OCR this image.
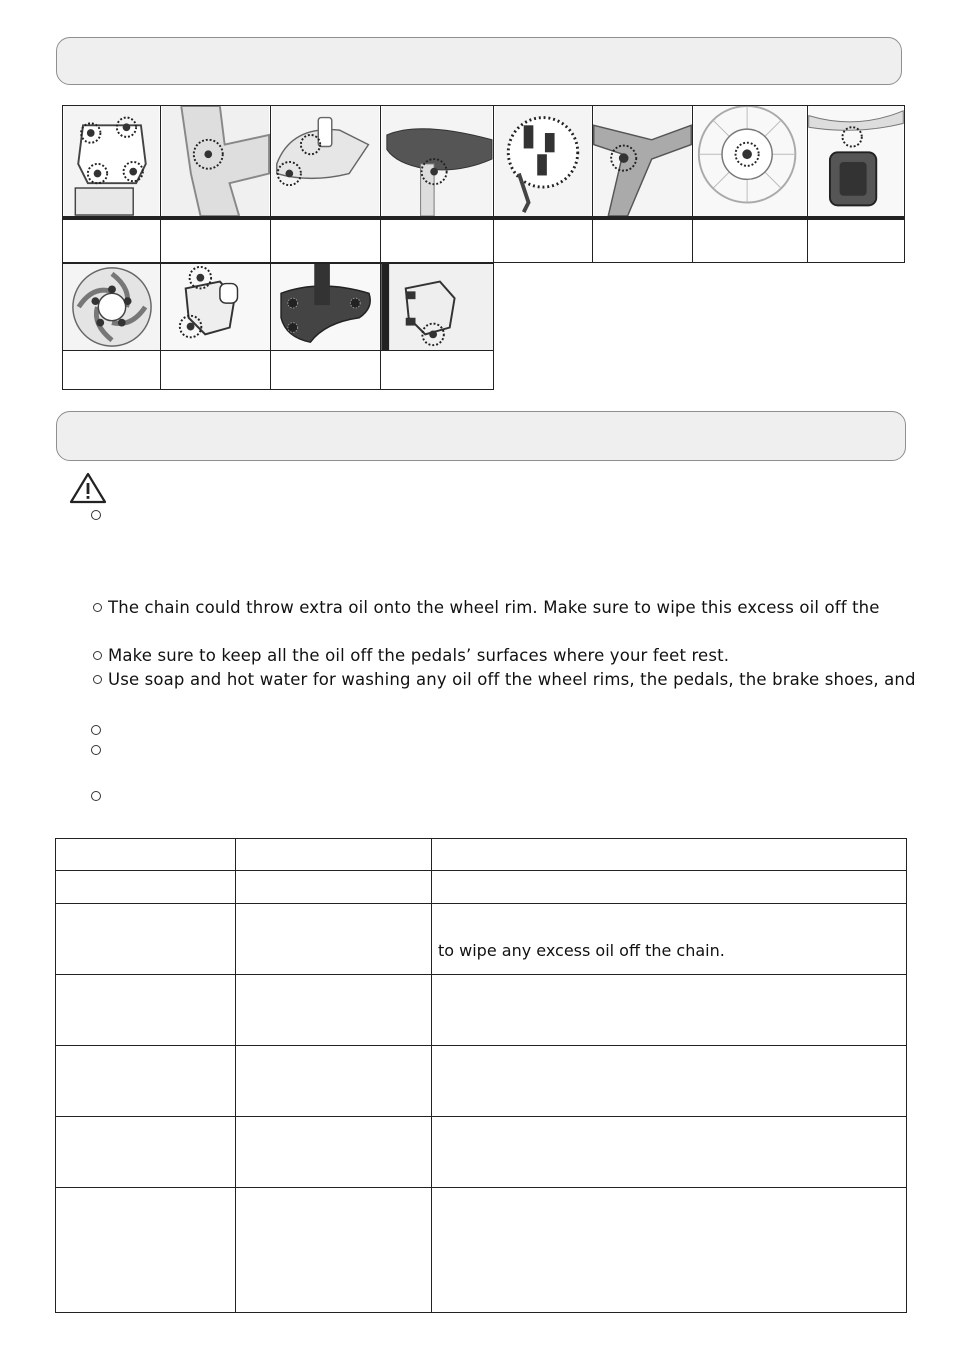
The chain could throw extra oil onto the wheel rim. Make sure to wipe this excess oil off the
Make sure to keep all the oil off the pedals’ surfaces where your feet rest.
Use soap and hot water for washing any oil off the wheel rims, the pedals, the brake shoes, and
to wipe any excess oil off the chain.
